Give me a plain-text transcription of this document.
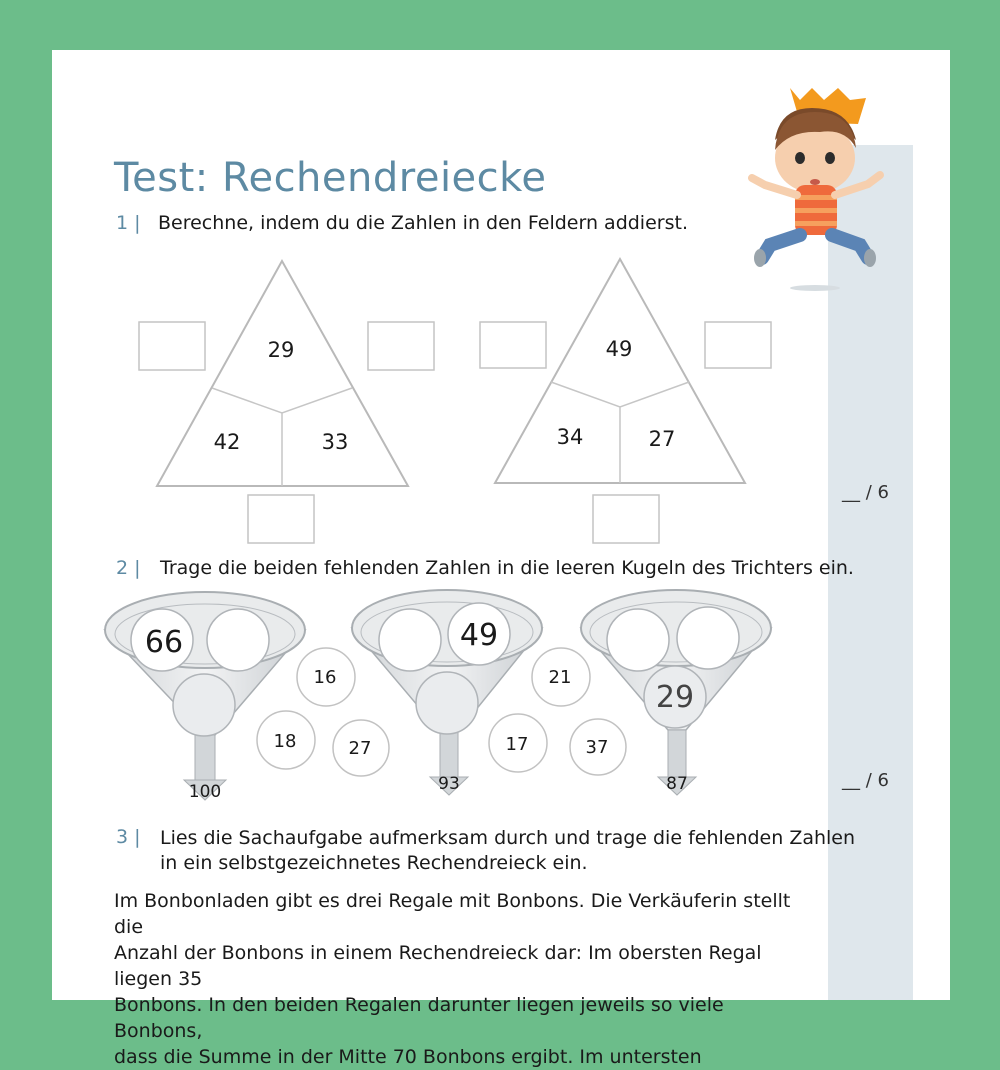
Test: Rechendreiecke
1 | Berechne, indem du die Zahlen in den Feldern addierst.
__ / 6
2 | Trage die beiden fehlenden Zahlen in die leeren Kugeln des Trichters ein.
__ / 6
3 | Lies die Sachaufgabe aufmerksam durch und trage die fehlenden Zahlen
in ein selbstgezeichnetes Rechendreieck ein.
Im Bonbonladen gibt es drei Regale mit Bonbons. Die Verkäuferin stellt die
Anzahl der Bonbons in einem Rechendreieck dar: Im obersten Regal liegen 35
Bonbons. In den beiden Regalen darunter liegen jeweils so viele Bonbons,
dass die Summe in der Mitte 70 Bonbons ergibt. Im untersten
29
42	33
49
34	27
66
100
49
93
29
87
16
18	27
21
17	37
